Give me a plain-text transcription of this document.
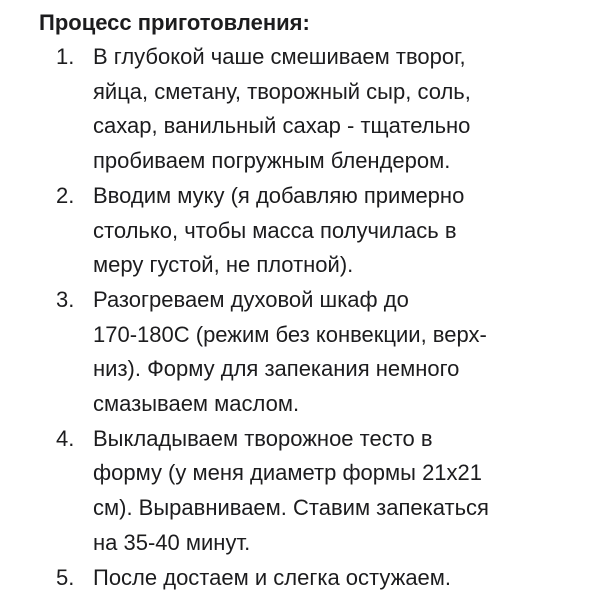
Процесс приготовления:
1. В глубокой чаше смешиваем творог,
яйца, сметану, творожный сыр, соль,
сахар, ванильный сахар - тщательно
пробиваем погружным блендером.
2. Вводим муку (я добавляю примерно
столько, чтобы масса получилась в
меру густой, не плотной).
3. Разогреваем духовой шкаф до
170-180С (режим без конвекции, верх-
низ). Форму для запекания немного
смазываем маслом.
4. Выкладываем творожное тесто в
форму (у меня диаметр формы 21x21
см). Выравниваем. Ставим запекаться
на 35-40 минут.
5. После достаем и слегка остужаем.
